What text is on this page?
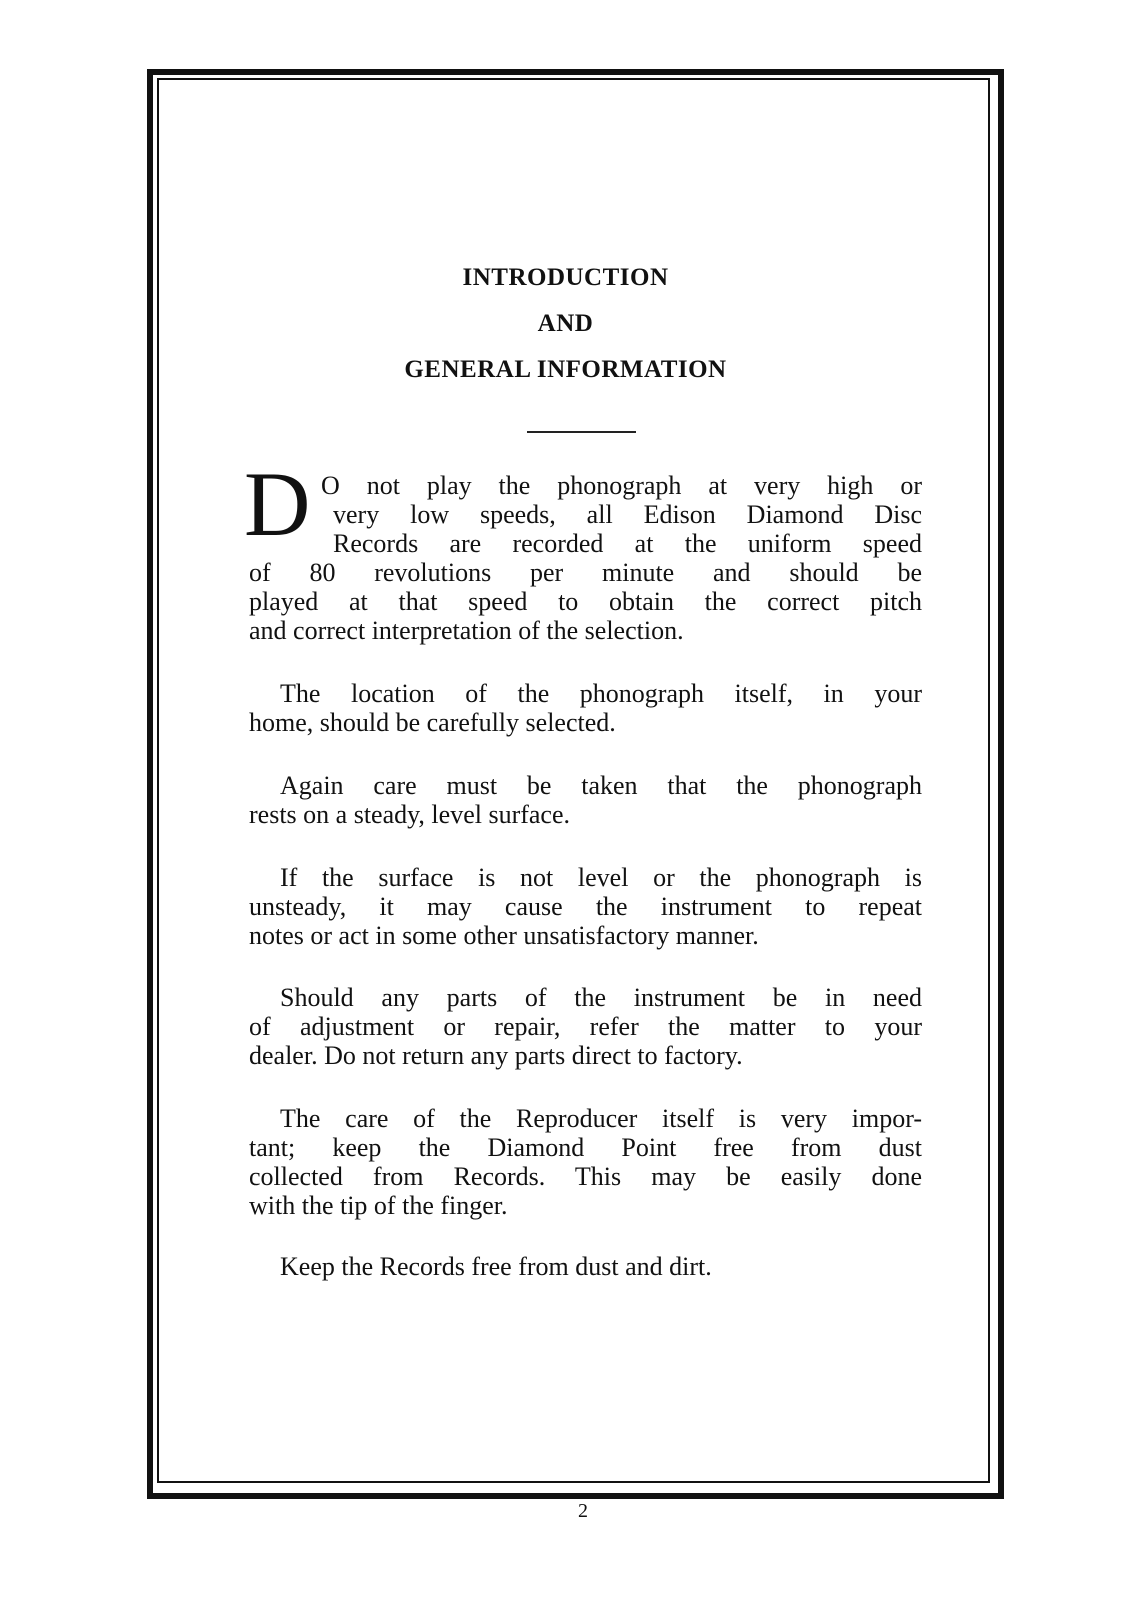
INTRODUCTION
AND
GENERAL INFORMATION
D O not play the phonograph at very high or
very low speeds, all Edison Diamond Disc
Records are recorded at the uniform speed
of 80 revolutions per minute and should be
played at that speed to obtain the correct pitch
and correct interpretation of the selection.
The location of the phonograph itself, in your
home, should be carefully selected.
Again care must be taken that the phonograph
rests on a steady, level surface.
If the surface is not level or the phonograph is
unsteady, it may cause the instrument to repeat
notes or act in some other unsatisfactory manner.
Should any parts of the instrument be in need
of adjustment or repair, refer the matter to your
dealer. Do not return any parts direct to factory.
The care of the Reproducer itself is very impor-
tant; keep the Diamond Point free from dust
collected from Records. This may be easily done
with the tip of the finger.
Keep the Records free from dust and dirt.
2
